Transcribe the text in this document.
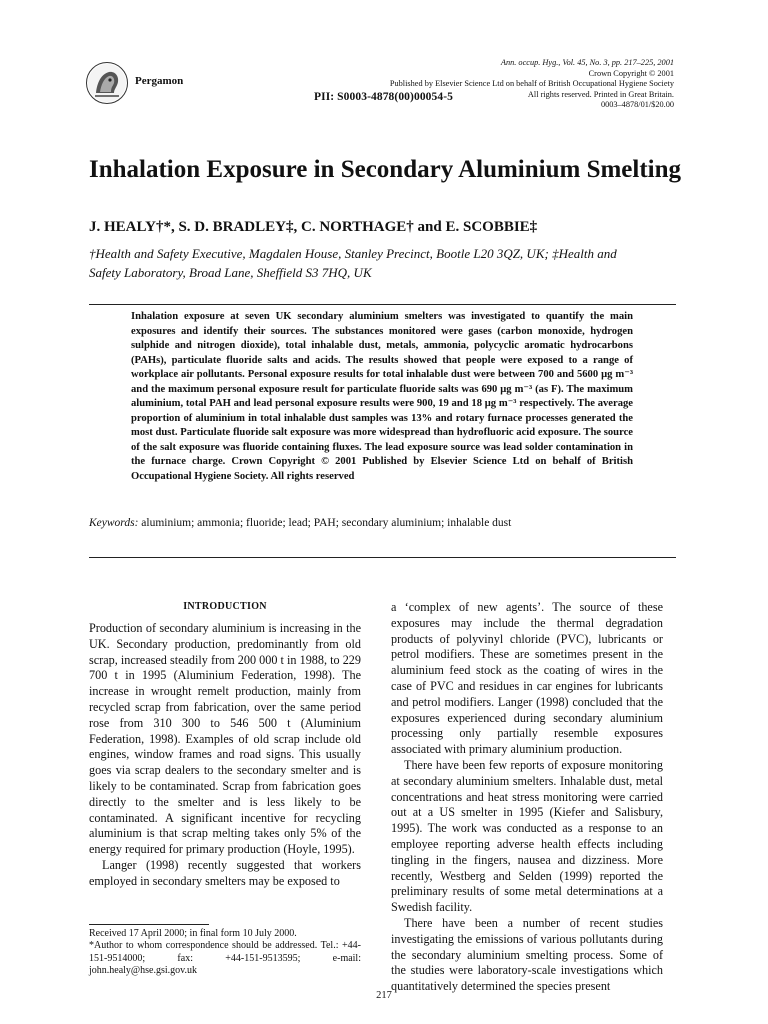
Pergamon
PII: S0003-4878(00)00054-5
Ann. occup. Hyg., Vol. 45, No. 3, pp. 217–225, 2001
Crown Copyright © 2001
Published by Elsevier Science Ltd on behalf of British Occupational Hygiene Society
All rights reserved. Printed in Great Britain.
0003–4878/01/$20.00
Inhalation Exposure in Secondary Aluminium Smelting
J. HEALY†*, S. D. BRADLEY‡, C. NORTHAGE† and E. SCOBBIE‡
†Health and Safety Executive, Magdalen House, Stanley Precinct, Bootle L20 3QZ, UK; ‡Health and
Safety Laboratory, Broad Lane, Sheffield S3 7HQ, UK
Inhalation exposure at seven UK secondary aluminium smelters was investigated to quantify the main exposures and identify their sources. The substances monitored were gases (carbon monoxide, hydrogen sulphide and nitrogen dioxide), total inhalable dust, metals, ammonia, polycyclic aromatic hydrocarbons (PAHs), particulate fluoride salts and acids. The results showed that people were exposed to a range of workplace air pollutants. Personal exposure results for total inhalable dust were between 700 and 5600 μg m⁻³ and the maximum personal exposure result for particulate fluoride salts was 690 μg m⁻³ (as F). The maximum aluminium, total PAH and lead personal exposure results were 900, 19 and 18 μg m⁻³ respectively. The average proportion of aluminium in total inhalable dust samples was 13% and rotary furnace processes generated the most dust. Particulate fluoride salt exposure was more widespread than hydrofluoric acid exposure. The source of the salt exposure was fluoride containing fluxes. The lead exposure source was lead solder contamination in the furnace charge. Crown Copyright © 2001 Published by Elsevier Science Ltd on behalf of British Occupational Hygiene Society. All rights reserved
Keywords: aluminium; ammonia; fluoride; lead; PAH; secondary aluminium; inhalable dust
INTRODUCTION

Production of secondary aluminium is increasing in the UK. Secondary production, predominantly from old scrap, increased steadily from 200 000 t in 1988, to 229 700 t in 1995 (Aluminium Federation, 1998). The increase in wrought remelt production, mainly from recycled scrap from fabrication, over the same period rose from 310 300 to 546 500 t (Aluminium Federation, 1998). Examples of old scrap include old engines, window frames and road signs. This usually goes via scrap dealers to the secondary smelter and is likely to be contaminated. Scrap from fabrication goes directly to the smelter and is less likely to be contaminated. A significant incentive for recycling aluminium is that scrap melting takes only 5% of the energy required for primary production (Hoyle, 1995).

Langer (1998) recently suggested that workers employed in secondary smelters may be exposed to

a ‘complex of new agents’. The source of these exposures may include the thermal degradation products of polyvinyl chloride (PVC), lubricants or petrol modifiers. These are sometimes present in the aluminium feed stock as the coating of wires in the case of PVC and residues in car engines for lubricants and petrol modifiers. Langer (1998) concluded that the exposures experienced during secondary aluminium processing only partially resemble exposures associated with primary aluminium production.

There have been few reports of exposure monitoring at secondary aluminium smelters. Inhalable dust, metal concentrations and heat stress monitoring were carried out at a US smelter in 1995 (Kiefer and Salisbury, 1995). The work was conducted as a response to an employee reporting adverse health effects including tingling in the fingers, nausea and dizziness. More recently, Westberg and Selden (1999) reported the preliminary results of some metal determinations at a Swedish facility.

There have been a number of recent studies investigating the emissions of various pollutants during the secondary aluminium smelting process. Some of the studies were laboratory-scale investigations which quantitatively determined the species present

Received 17 April 2000; in final form 10 July 2000.
*Author to whom correspondence should be addressed. Tel.: +44-151-9514000; fax: +44-151-9513595; e-mail: john.healy@hse.gsi.gov.uk
217
